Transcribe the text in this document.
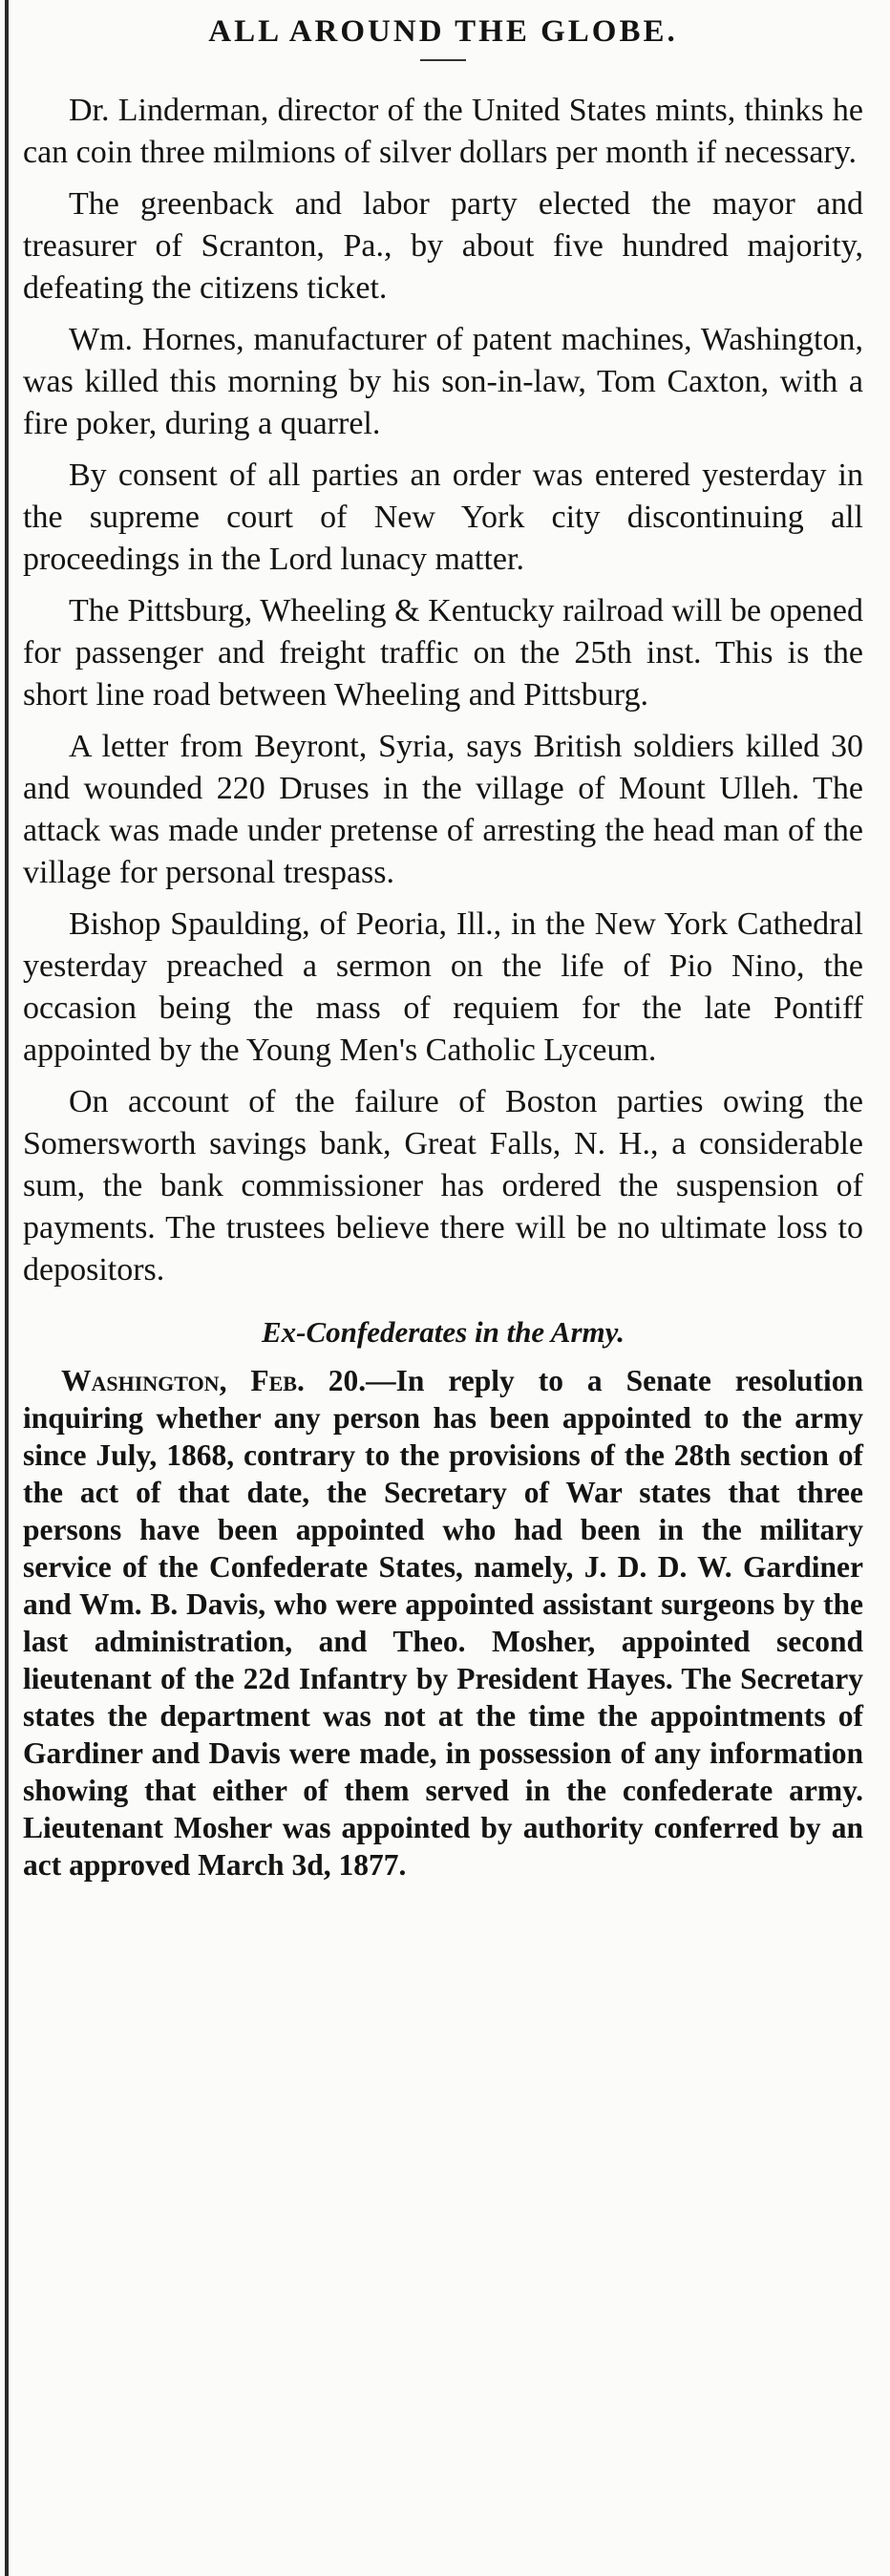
ALL AROUND THE GLOBE.

Dr. Linderman, director of the United States mints, thinks he can coin three milmions of silver dollars per month if necessary.

The greenback and labor party elected the mayor and treasurer of Scranton, Pa., by about five hundred majority, defeating the citizens ticket.

Wm. Hornes, manufacturer of patent machines, Washington, was killed this morning by his son-in-law, Tom Caxton, with a fire poker, during a quarrel.

By consent of all parties an order was entered yesterday in the supreme court of New York city discontinuing all proceedings in the Lord lunacy matter.

The Pittsburg, Wheeling & Kentucky railroad will be opened for passenger and freight traffic on the 25th inst. This is the short line road between Wheeling and Pittsburg.

A letter from Beyront, Syria, says British soldiers killed 30 and wounded 220 Druses in the village of Mount Ulleh. The attack was made under pretense of arresting the head man of the village for personal trespass.

Bishop Spaulding, of Peoria, Ill., in the New York Cathedral yesterday preached a sermon on the life of Pio Nino, the occasion being the mass of requiem for the late Pontiff appointed by the Young Men's Catholic Lyceum.

On account of the failure of Boston parties owing the Somersworth savings bank, Great Falls, N. H., a considerable sum, the bank commissioner has ordered the suspension of payments. The trustees believe there will be no ultimate loss to depositors.

Ex-Confederates in the Army.

Washington, Feb. 20.—In reply to a Senate resolution inquiring whether any person has been appointed to the army since July, 1868, contrary to the provisions of the 28th section of the act of that date, the Secretary of War states that three persons have been appointed who had been in the military service of the Confederate States, namely, J. D. D. W. Gardiner and Wm. B. Davis, who were appointed assistant surgeons by the last administration, and Theo. Mosher, appointed second lieutenant of the 22d Infantry by President Hayes. The Secretary states the department was not at the time the appointments of Gardiner and Davis were made, in possession of any information showing that either of them served in the confederate army. Lieutenant Mosher was appointed by authority conferred by an act approved March 3d, 1877.
